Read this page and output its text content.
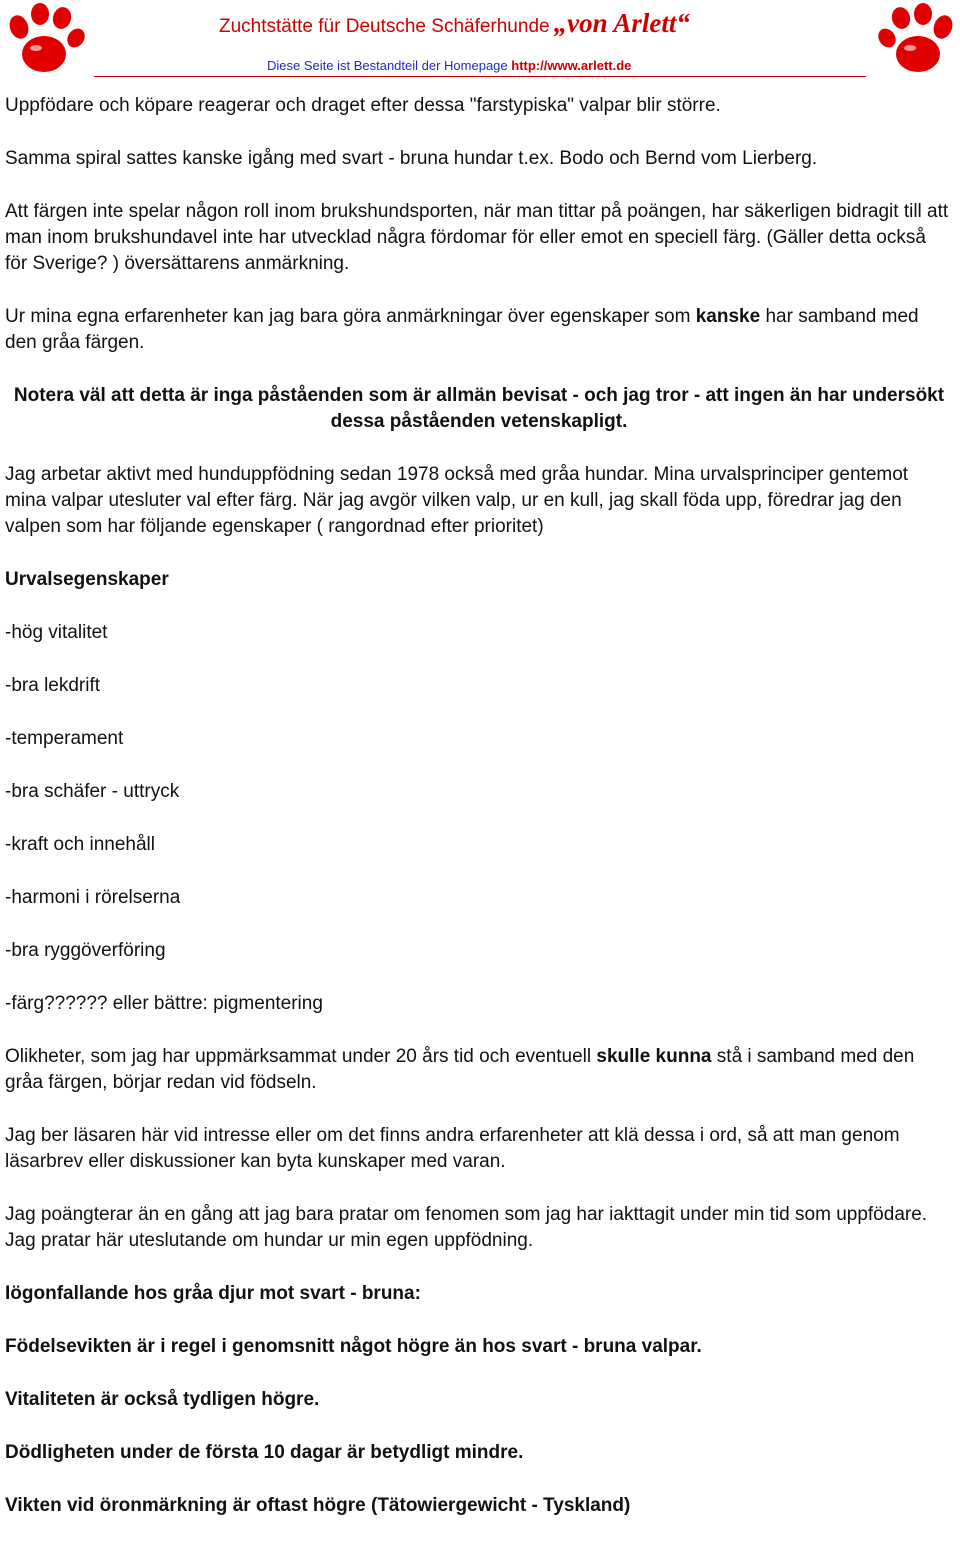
Zuchtstätte für Deutsche Schäferhunde „von Arlett“
Diese Seite ist Bestandteil der Homepage http://www.arlett.de

Uppfödare och köpare reagerar och draget efter dessa "farstypiska" valpar blir större.

Samma spiral sattes kanske igång med svart - bruna hundar t.ex. Bodo och Bernd vom Lierberg.

Att färgen inte spelar någon roll inom brukshundsporten, när man tittar på poängen, har säkerligen bidragit till att man inom brukshundavel inte har utvecklad några fördomar för eller emot en speciell färg. (Gäller detta också för Sverige? ) översättarens anmärkning.

Ur mina egna erfarenheter kan jag bara göra anmärkningar över egenskaper som kanske har samband med den gråa färgen.

Notera väl att detta är inga påståenden som är allmän bevisat - och jag tror - att ingen än har undersökt dessa påståenden vetenskapligt.

Jag arbetar aktivt med hunduppfödning sedan 1978 också med gråa hundar. Mina urvalsprinciper gentemot mina valpar utesluter val efter färg. När jag avgör vilken valp, ur en kull, jag skall föda upp, föredrar jag den valpen som har följande egenskaper ( rangordnad efter prioritet)

Urvalsegenskaper

-hög vitalitet

-bra lekdrift

-temperament

-bra schäfer - uttryck

-kraft och innehåll

-harmoni i rörelserna

-bra ryggöverföring

-färg?????? eller bättre: pigmentering

Olikheter, som jag har uppmärksammat under 20 års tid och eventuell skulle kunna stå i samband med den gråa färgen, börjar redan vid födseln.

Jag ber läsaren här vid intresse eller om det finns andra erfarenheter att klä dessa i ord, så att man genom läsarbrev eller diskussioner kan byta kunskaper med varan.

Jag poängterar än en gång att jag bara pratar om fenomen som jag har iakttagit under min tid som uppfödare. Jag pratar här uteslutande om hundar ur min egen uppfödning.

Iögonfallande hos gråa djur mot svart - bruna:

Födelsevikten är i regel i genomsnitt något högre än hos svart - bruna valpar.

Vitaliteten är också tydligen högre.

Dödligheten under de första 10 dagar är betydligt mindre.

Vikten vid öronmärkning är oftast högre (Tätowiergewicht - Tyskland)
